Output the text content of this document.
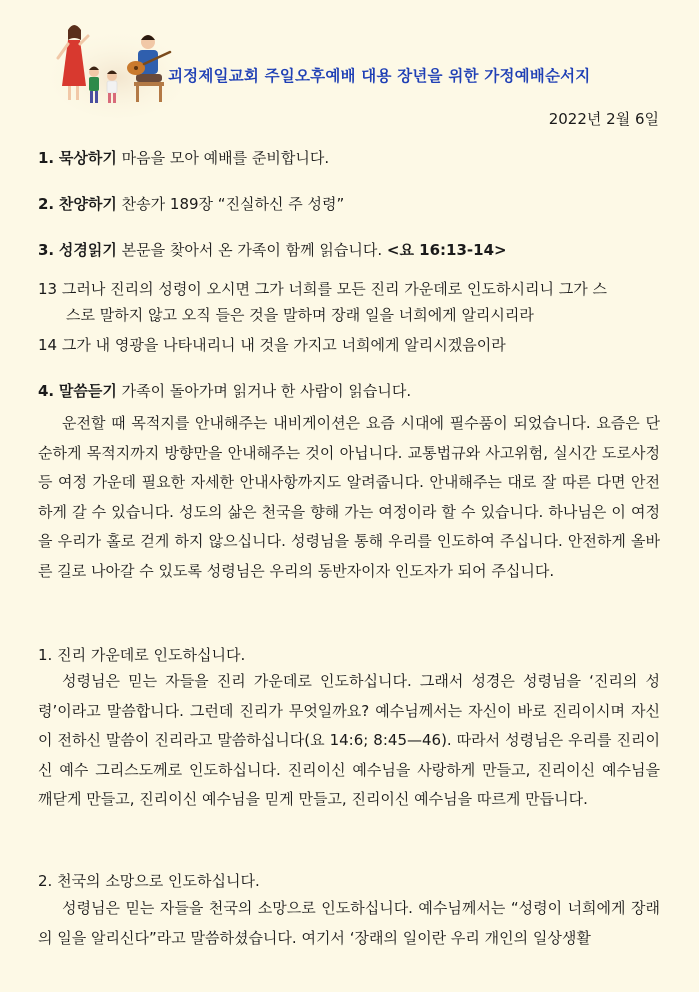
괴정제일교회 주일오후예배 대용 장년을 위한 가정예배순서지
2022년 2월 6일
1. 묵상하기 마음을 모아 예배를 준비합니다.
2. 찬양하기 찬송가 189장 “진실하신 주 성령”
3. 성경읽기 본문을 찾아서 온 가족이 함께 읽습니다. <요 16:13-14>
13 그러나 진리의 성령이 오시면 그가 너희를 모든 진리 가운데로 인도하시리니 그가 스
스로 말하지 않고 오직 들은 것을 말하며 장래 일을 너희에게 알리시리라
14 그가 내 영광을 나타내리니 내 것을 가지고 너희에게 알리시겠음이라
4. 말씀듣기 가족이 돌아가며 읽거나 한 사람이 읽습니다.
운전할 때 목적지를 안내해주는 내비게이션은 요즘 시대에 필수품이 되었습니다. 요즘은 단순하게 목적지까지 방향만을 안내해주는 것이 아닙니다. 교통법규와 사고위험, 실시간 도로사정 등 여정 가운데 필요한 자세한 안내사항까지도 알려줍니다. 안내해주는 대로 잘 따른 다면 안전하게 갈 수 있습니다. 성도의 삶은 천국을 향해 가는 여정이라 할 수 있습니다. 하나님은 이 여정을 우리가 홀로 걷게 하지 않으십니다. 성령님을 통해 우리를 인도하여 주십니다. 안전하게 올바른 길로 나아갈 수 있도록 성령님은 우리의 동반자이자 인도자가 되어 주십니다.
1. 진리 가운데로 인도하십니다.
성령님은 믿는 자들을 진리 가운데로 인도하십니다. 그래서 성경은 성령님을 ‘진리의 성령’이라고 말씀합니다. 그런데 진리가 무엇일까요? 예수님께서는 자신이 바로 진리이시며 자신이 전하신 말씀이 진리라고 말씀하십니다(요 14:6; 8:45—46). 따라서 성령님은 우리를 진리이신 예수 그리스도께로 인도하십니다. 진리이신 예수님을 사랑하게 만들고, 진리이신 예수님을 깨닫게 만들고, 진리이신 예수님을 믿게 만들고, 진리이신 예수님을 따르게 만듭니다.
2. 천국의 소망으로 인도하십니다.
성령님은 믿는 자들을 천국의 소망으로 인도하십니다. 예수님께서는 “성령이 너희에게 장래의 일을 알리신다”라고 말씀하셨습니다. 여기서 ‘장래의 일이란 우리 개인의 일상생활
